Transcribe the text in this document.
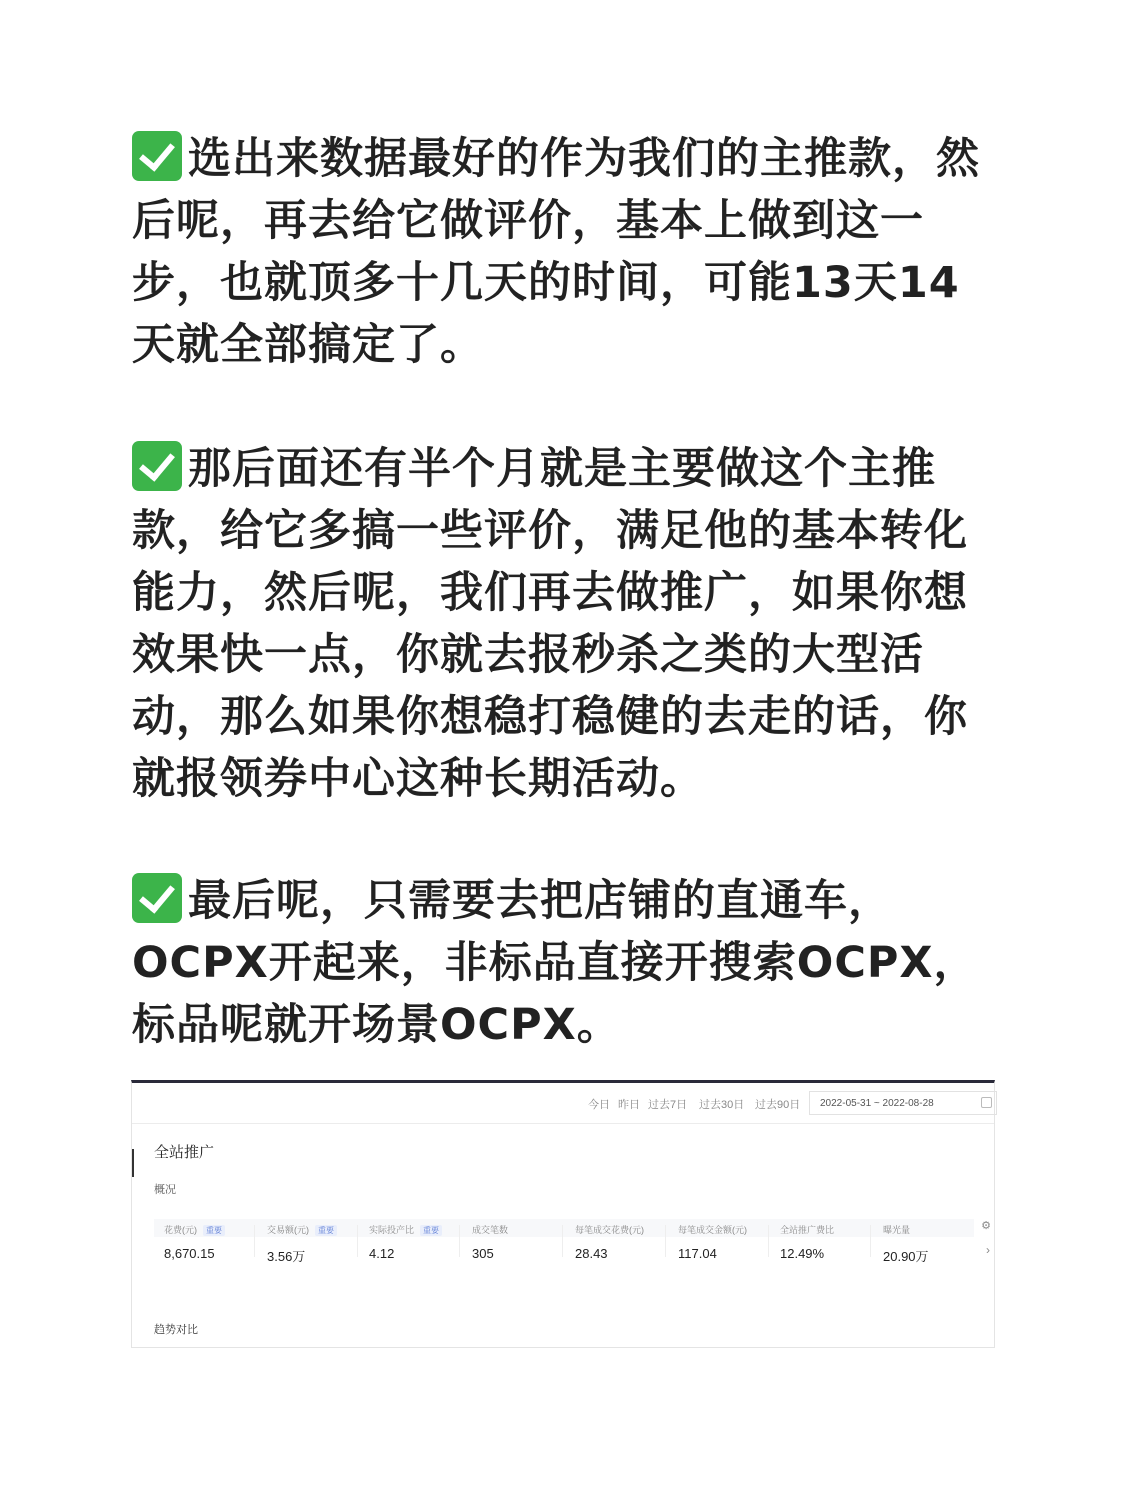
选出来数据最好的作为我们的主推款，然后呢，再去给它做评价，基本上做到这一步，也就顶多十几天的时间，可能13天14天就全部搞定了。
那后面还有半个月就是主要做这个主推款，给它多搞一些评价，满足他的基本转化能力，然后呢，我们再去做推广，如果你想效果快一点，你就去报秒杀之类的大型活动，那么如果你想稳打稳健的去走的话，你就报领券中心这种长期活动。
最后呢，只需要去把店铺的直通车，OCPX开起来，非标品直接开搜索OCPX，标品呢就开场景OCPX。
今日 昨日 过去7日 过去30日 过去90日	2022-05-31 ~ 2022-08-28
全站推广
概况
花费(元) 重要
8,670.15
交易额(元) 重要
3.56万
实际投产比 重要
4.12
成交笔数
305
每笔成交花费(元)
28.43
每笔成交金额(元)
117.04
全站推广费比
12.49%
曝光量
20.90万
⚙
›
趋势对比
